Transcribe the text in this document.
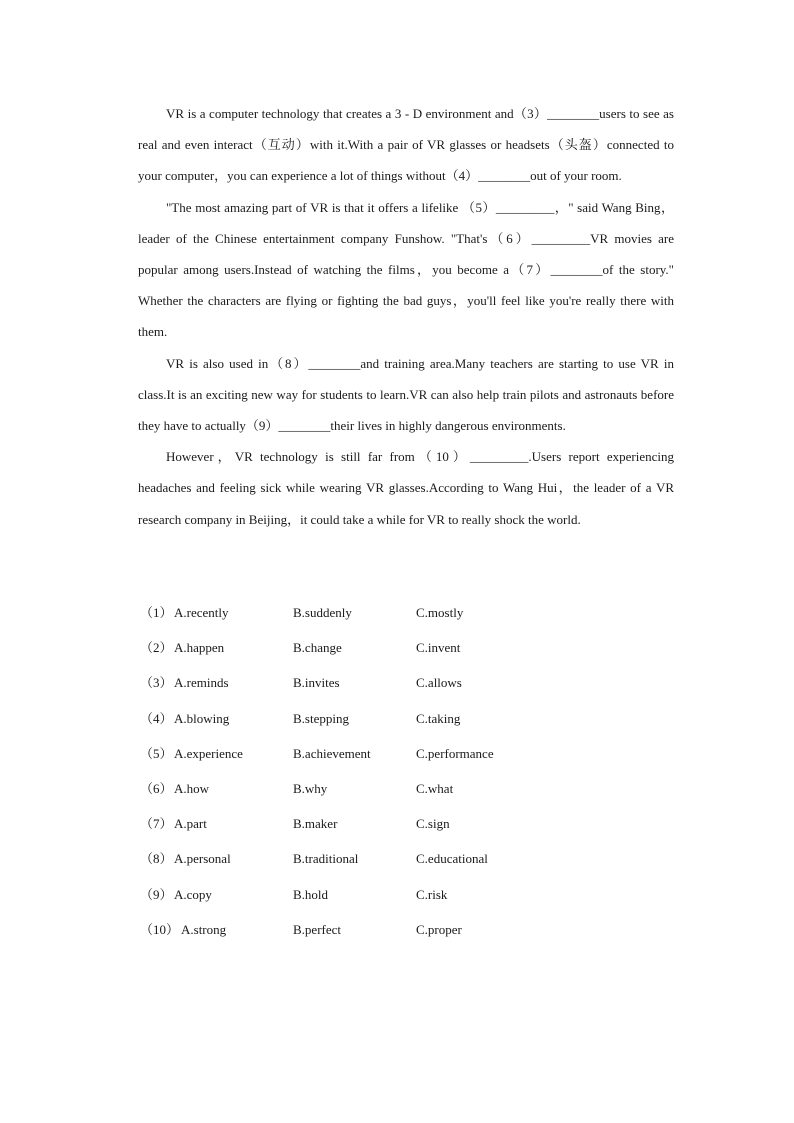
VR is a computer technology that creates a 3 - D environment and（3）________users to see as real and even interact（互动）with it.With a pair of VR glasses or headsets（头盔）connected to your computer，you can experience a lot of things without（4）________out of your room.

"The most amazing part of VR is that it offers a lifelike （5）_________，" said Wang Bing，leader of the Chinese entertainment company Funshow. "That's（6）_________VR movies are popular among users.Instead of watching the films，you become a（7）________of the story." Whether the characters are flying or fighting the bad guys，you'll feel like you're really there with them.

VR is also used in（8）________and training area.Many teachers are starting to use VR in class.It is an exciting new way for students to learn.VR can also help train pilots and astronauts before they have to actually（9）________their lives in highly dangerous environments.

However，VR technology is still far from（10）_________.Users report experiencing headaches and feeling sick while wearing VR glasses.According to Wang Hui，the leader of a VR research company in Beijing，it could take a while for VR to really shock the world.

（1） A.recently	B.suddenly	C.mostly
（2） A.happen	B.change	C.invent
（3） A.reminds	B.invites	C.allows
（4） A.blowing	B.stepping	C.taking
（5） A.experience	B.achievement	C.performance
（6） A.how	B.why	C.what
（7） A.part	B.maker	C.sign
（8） A.personal	B.traditional	C.educational
（9） A.copy	B.hold	C.risk
（10） A.strong	B.perfect	C.proper
